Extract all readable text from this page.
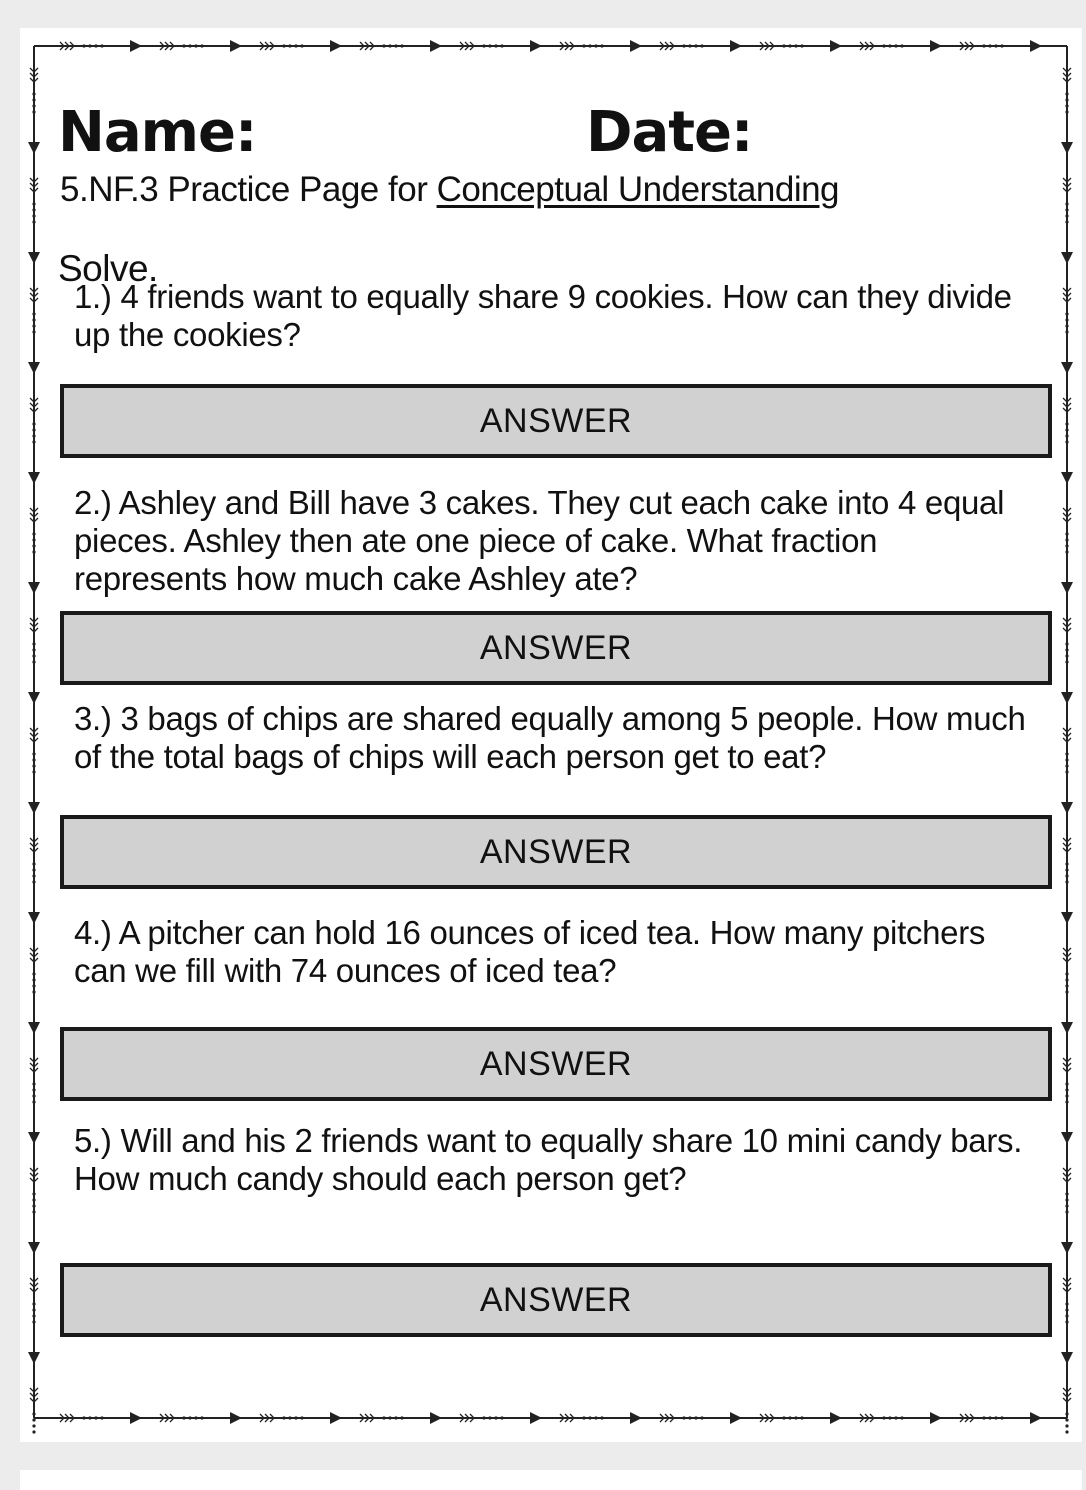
Name:	Date:

5.NF.3 Practice Page for Conceptual Understanding

Solve.

1.) 4 friends want to equally share 9 cookies. How can they divide up the cookies?

ANSWER

2.) Ashley and Bill have 3 cakes. They cut each cake into 4 equal pieces. Ashley then ate one piece of cake. What fraction represents how much cake Ashley ate?

ANSWER

3.) 3 bags of chips are shared equally among 5 people. How much of the total bags of chips will each person get to eat?

ANSWER

4.) A pitcher can hold 16 ounces of iced tea. How many pitchers can we fill with 74 ounces of iced tea?

ANSWER

5.) Will and his 2 friends want to equally share 10 mini candy bars. How much candy should each person get?

ANSWER
